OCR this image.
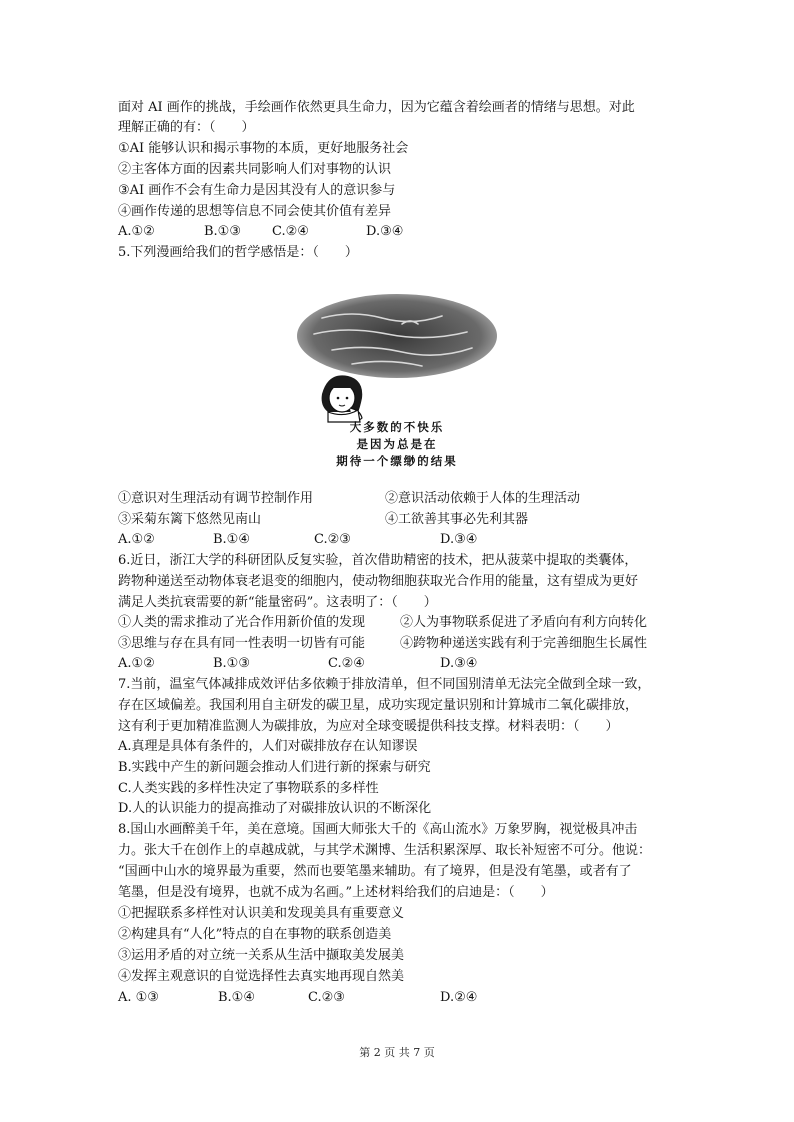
面对 AI 画作的挑战，手绘画作依然更具生命力，因为它蕴含着绘画者的情绪与思想。对此
理解正确的有：（　　）
①AI 能够认识和揭示事物的本质，更好地服务社会
②主客体方面的因素共同影响人们对事物的认识
③AI 画作不会有生命力是因其没有人的意识参与
④画作传递的思想等信息不同会使其价值有差异
A.①②	B.①③ C.②④	D.③④
5.下列漫画给我们的哲学感悟是：（　　）
大多数的不快乐
是因为总是在
期待一个缥缈的结果
①意识对生理活动有调节控制作用	②意识活动依赖于人体的生理活动
③采菊东篱下悠然见南山	④工欲善其事必先利其器
A.①②	B.①④	C.②③	D.③④
6.近日，浙江大学的科研团队反复实验，首次借助精密的技术，把从菠菜中提取的类囊体，
跨物种递送至动物体衰老退变的细胞内，使动物细胞获取光合作用的能量，这有望成为更好
满足人类抗衰需要的新“能量密码”。这表明了：（　　）
①人类的需求推动了光合作用新价值的发现	②人为事物联系促进了矛盾向有利方向转化
③思维与存在具有同一性表明一切皆有可能	④跨物种递送实践有利于完善细胞生长属性
A.①②	B.①③	C.②④	D.③④
7.当前，温室气体减排成效评估多依赖于排放清单，但不同国别清单无法完全做到全球一致，
存在区域偏差。我国利用自主研发的碳卫星，成功实现定量识别和计算城市二氧化碳排放，
这有利于更加精准监测人为碳排放，为应对全球变暖提供科技支撑。材料表明：（　　）
A.真理是具体有条件的，人们对碳排放存在认知谬误
B.实践中产生的新问题会推动人们进行新的探索与研究
C.人类实践的多样性决定了事物联系的多样性
D.人的认识能力的提高推动了对碳排放认识的不断深化
8.国山水画醉美千年，美在意境。国画大师张大千的《高山流水》万象罗胸，视觉极具冲击
力。张大千在创作上的卓越成就，与其学术渊博、生活积累深厚、取长补短密不可分。他说：
“国画中山水的境界最为重要，然而也要笔墨来辅助。有了境界，但是没有笔墨，或者有了
笔墨，但是没有境界，也就不成为名画。”上述材料给我们的启迪是：（　　）
①把握联系多样性对认识美和发现美具有重要意义
②构建具有“人化”特点的自在事物的联系创造美
③运用矛盾的对立统一关系从生活中撷取美发展美
④发挥主观意识的自觉选择性去真实地再现自然美
A. ①③	B.①④	C.②③	D.②④
第 2 页 共 7 页
